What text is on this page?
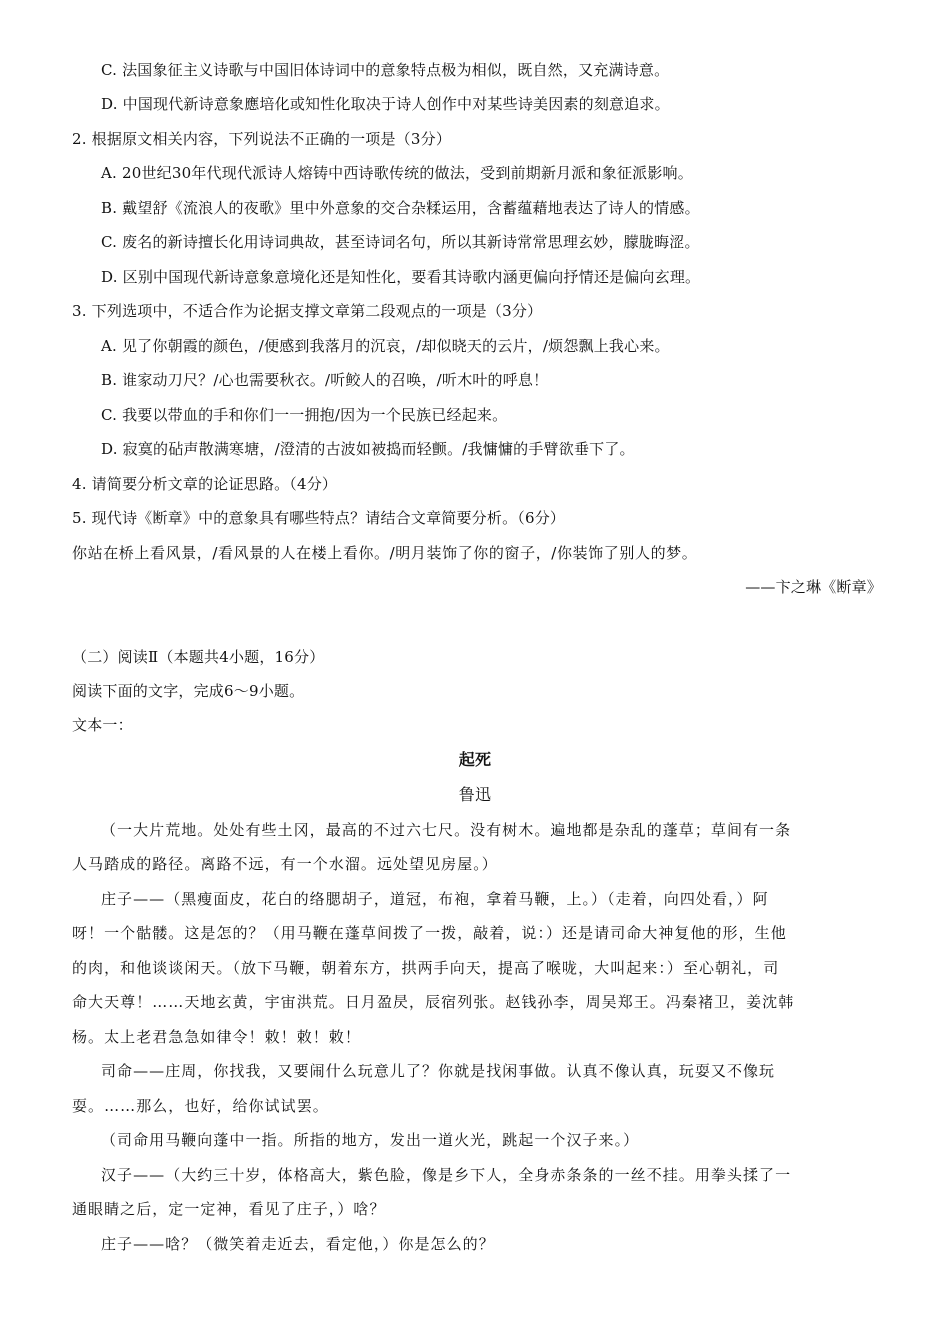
C. 法国象征主义诗歌与中国旧体诗词中的意象特点极为相似，既自然，又充满诗意。
D. 中国现代新诗意象應培化或知性化取决于诗人创作中对某些诗美因素的刻意追求。
2. 根据原文相关内容，下列说法不正确的一项是（3分）
A. 20世纪30年代现代派诗人熔铸中西诗歌传统的做法，受到前期新月派和象征派影响。
B. 戴望舒《流浪人的夜歌》里中外意象的交合杂糅运用，含蓄蕴藉地表达了诗人的情感。
C. 废名的新诗擅长化用诗词典故，甚至诗词名句，所以其新诗常常思理玄妙，朦胧晦涩。
D. 区别中国现代新诗意象意境化还是知性化，要看其诗歌内涵更偏向抒情还是偏向玄理。
3. 下列选项中，不适合作为论据支撑文章第二段观点的一项是（3分）
A. 见了你朝霞的颜色，/便感到我落月的沉哀，/却似晓天的云片，/烦怨飘上我心来。
B. 谁家动刀尺？/心也需要秋衣。/听鲛人的召唤，/听木叶的呼息！
C. 我要以带血的手和你们一一拥抱/因为一个民族已经起来。
D. 寂寞的砧声散满寒塘，/澄清的古波如被捣而轻颤。/我慵慵的手臂欲垂下了。
4. 请简要分析文章的论证思路。（4分）
5. 现代诗《断章》中的意象具有哪些特点？请结合文章简要分析。（6分）
你站在桥上看风景，/看风景的人在楼上看你。/明月装饰了你的窗子，/你装饰了别人的梦。
——卞之琳《断章》
（二）阅读Ⅱ（本题共4小题，16分）
阅读下面的文字，完成6～9小题。
文本一：
起死
鲁迅
（一大片荒地。处处有些土冈，最高的不过六七尺。没有树木。遍地都是杂乱的蓬草；草间有一条
人马踏成的路径。离路不远，有一个水溜。远处望见房屋。）
庄子——（黑瘦面皮，花白的络腮胡子，道冠，布袍，拿着马鞭，上。）（走着，向四处看，）阿
呀！一个骷髅。这是怎的？（用马鞭在蓬草间拨了一拨，敲着，说：）还是请司命大神复他的形，生他
的肉，和他谈谈闲天。（放下马鞭，朝着东方，拱两手向天，提高了喉咙，大叫起来：）至心朝礼，司
命大天尊！……天地玄黄，宇宙洪荒。日月盈昃，辰宿列张。赵钱孙李，周吴郑王。冯秦褚卫，姜沈韩
杨。太上老君急急如律令！敕！敕！敕！
司命——庄周，你找我，又要闹什么玩意儿了？你就是找闲事做。认真不像认真，玩耍又不像玩
耍。……那么，也好，给你试试罢。
（司命用马鞭向蓬中一指。所指的地方，发出一道火光，跳起一个汉子来。）
汉子——（大约三十岁，体格高大，紫色脸，像是乡下人，全身赤条条的一丝不挂。用拳头揉了一
通眼睛之后，定一定神，看见了庄子，）唅？
庄子——唅？（微笑着走近去，看定他，）你是怎么的？
